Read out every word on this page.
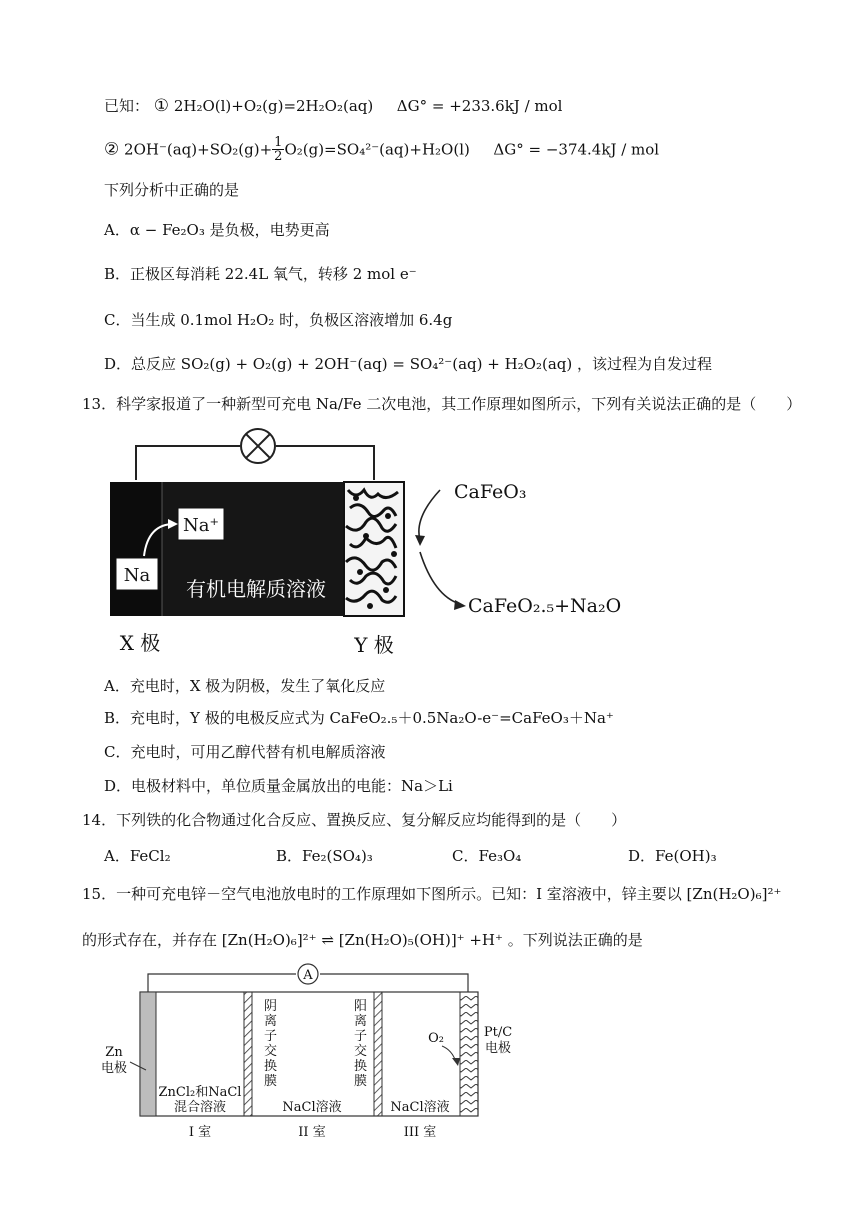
已知： ① 2H₂O(l)+O₂(g)=2H₂O₂(aq) ΔG° = +233.6kJ / mol
② $2OH^-(aq)+SO_2(g)+ \frac{1}{2} O_2(g)=SO_4^{2-}(aq)+H_2O(l) \Delta G^\circ = -374.4kJ$ / mol
下列分析中正确的是
A．α − Fe₂O₃ 是负极，电势更高
B．正极区每消耗 22.4L 氧气，转移 2 mol e⁻
C．当生成 0.1mol H₂O₂ 时，负极区溶液增加 6.4g
D．总反应 SO₂(g) + O₂(g) + 2OH⁻(aq) = SO₄²⁻(aq) + H₂O₂(aq) ，该过程为自发过程
13．科学家报道了一种新型可充电 Na/Fe 二次电池，其工作原理如图所示，下列有关说法正确的是（　　）
Na⁺
Na
有机电解质溶液
X 极	Y 极
CaFeO₃
CaFeO₂.₅+Na₂O
A．充电时，X 极为阴极，发生了氧化反应
B．充电时，Y 极的电极反应式为 CaFeO₂.₅＋0.5Na₂O-e⁻=CaFeO₃＋Na⁺
C．充电时，可用乙醇代替有机电解质溶液
D．电极材料中，单位质量金属放出的电能：Na＞Li
14．下列铁的化合物通过化合反应、置换反应、复分解反应均能得到的是（　　）
A．FeCl₂	B．Fe₂(SO₄)₃	C．Fe₃O₄	D．Fe(OH)₃
15．一种可充电锌－空气电池放电时的工作原理如下图所示。已知：I 室溶液中，锌主要以 [Zn(H₂O)₆]²⁺
的形式存在，并存在 [Zn(H₂O)₆]²⁺ ⇌ [Zn(H₂O)₅(OH)]⁺ +H⁺ 。下列说法正确的是
A
Zn
电极
ZnCl₂和NaCl
混合溶液
阴
离
子
交
换
膜
NaCl溶液
阳
离
子
交
换
膜
NaCl溶液
O₂	Pt/C
电极
I 室	II 室	III 室
